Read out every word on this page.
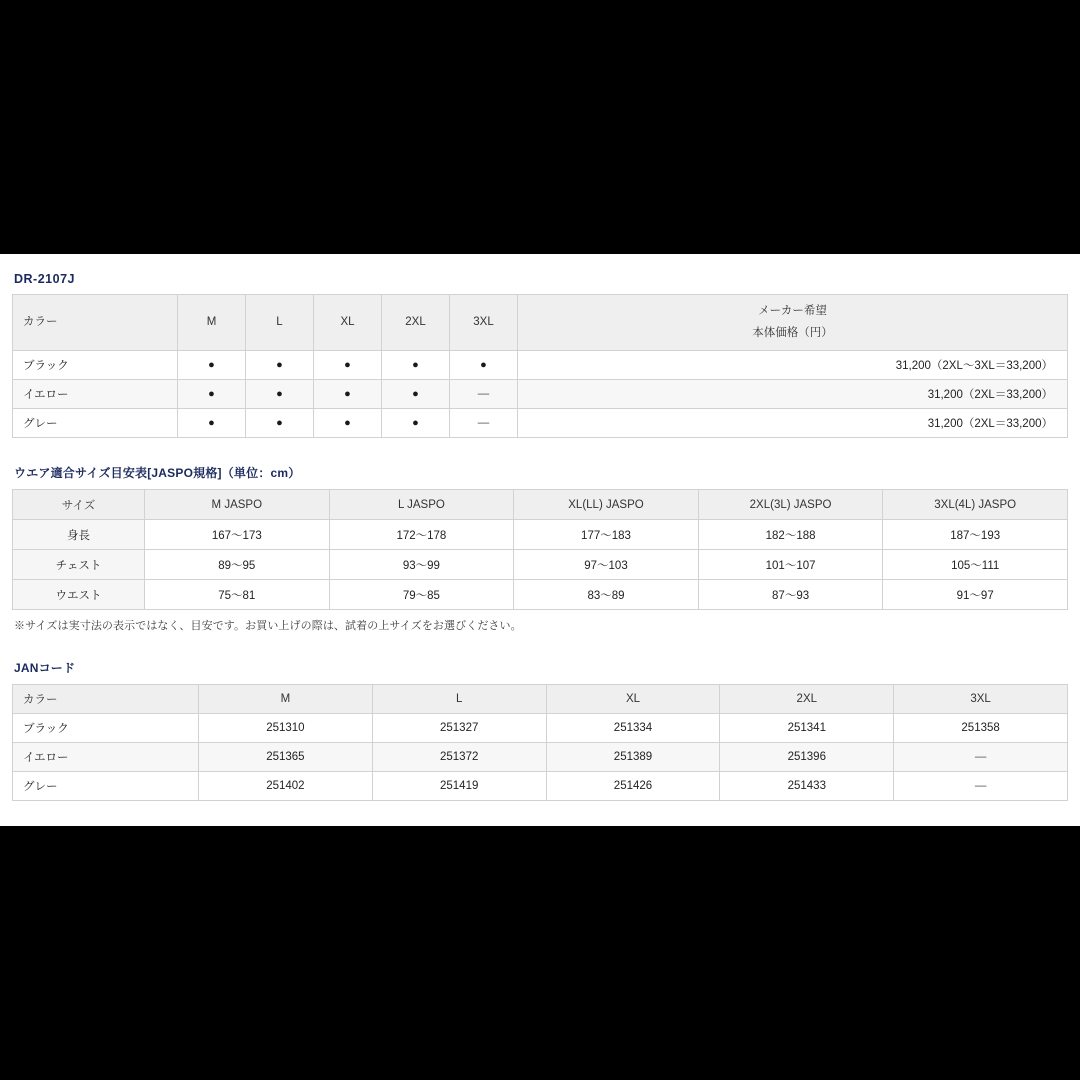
DR-2107J
カラー	M	L	XL	2XL	3XL	メーカー希望
本体価格（円）

ブラック	●	●	●	●	●	31,200（2XL〜3XL＝33,200）
イエロー	●	●	●	●	—	31,200（2XL＝33,200）
グレー	●	●	●	●	—	31,200（2XL＝33,200）
ウエア適合サイズ目安表[JASPO規格]（単位：cm）
サイズ	M JASPO	L JASPO	XL(LL) JASPO	2XL(3L) JASPO	3XL(4L) JASPO
身長	167〜173	172〜178	177〜183	182〜188	187〜193
チェスト	89〜95	93〜99	97〜103	101〜107	105〜111
ウエスト	75〜81	79〜85	83〜89	87〜93	91〜97
※サイズは実寸法の表示ではなく、目安です。お買い上げの際は、試着の上サイズをお選びください。
JANコード
カラー	M	L	XL	2XL	3XL
ブラック	251310	251327	251334	251341	251358
イエロー	251365	251372	251389	251396	—
グレー	251402	251419	251426	251433	—
